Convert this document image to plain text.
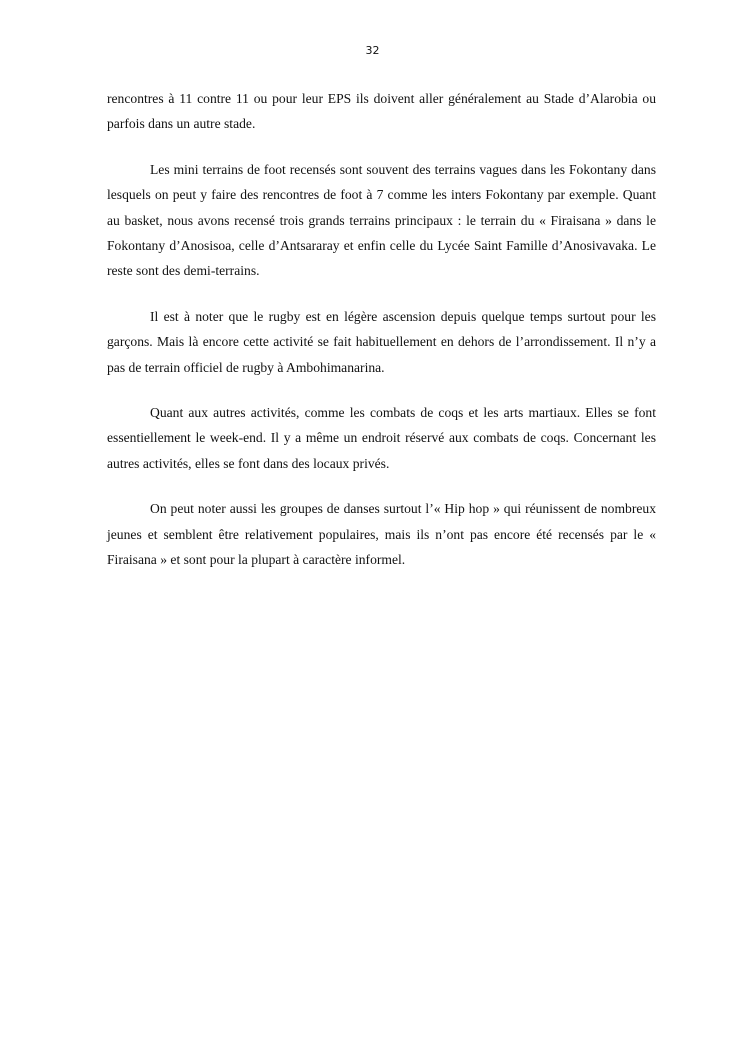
32

rencontres à 11 contre 11 ou pour leur EPS ils doivent aller généralement au Stade d’Alarobia ou parfois dans un autre stade.

Les mini terrains de foot recensés sont souvent des terrains vagues dans les Fokontany dans lesquels on peut y faire des rencontres de foot à 7 comme les inters Fokontany par exemple. Quant au basket, nous avons recensé trois grands terrains principaux : le terrain du « Firaisana » dans le Fokontany d’Anosisoa, celle d’Antsararay et enfin celle du Lycée Saint Famille d’Anosivavaka. Le reste sont des demi-terrains.

Il est à noter que le rugby est en légère ascension depuis quelque temps surtout pour les garçons. Mais là encore cette activité se fait habituellement en dehors de l’arrondissement. Il n’y a pas de terrain officiel de rugby à Ambohimanarina.

Quant aux autres activités, comme les combats de coqs et les arts martiaux. Elles se font essentiellement le week-end. Il y a même un endroit réservé aux combats de coqs. Concernant les autres activités, elles se font dans des locaux privés.

On peut noter aussi les groupes de danses surtout l’« Hip hop » qui réunissent de nombreux jeunes et semblent être relativement populaires, mais ils n’ont pas encore été recensés par le « Firaisana » et sont pour la plupart à caractère informel.
